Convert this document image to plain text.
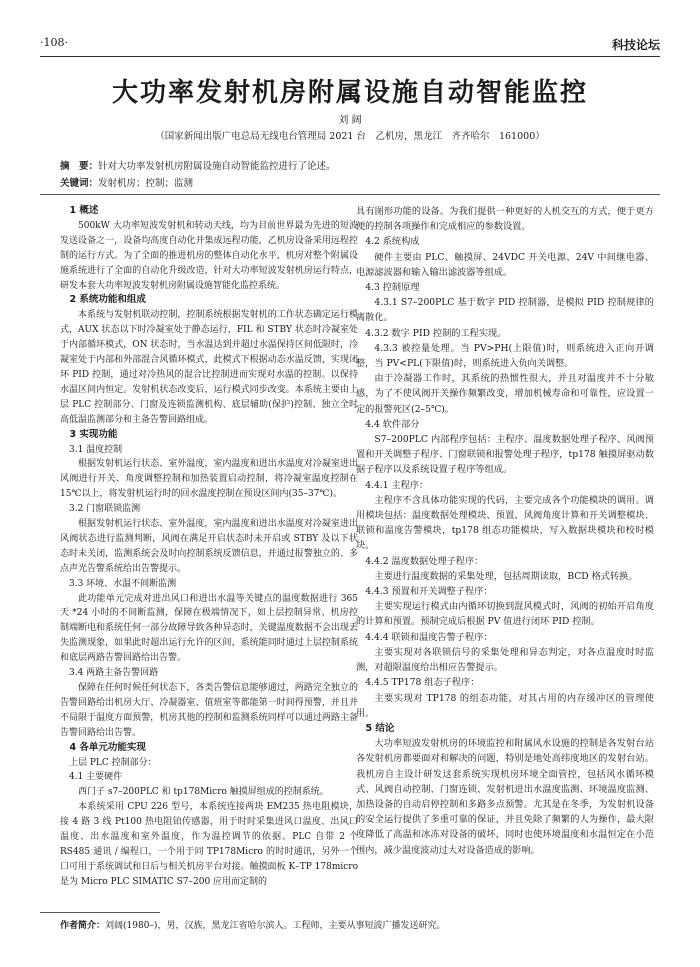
·108·	科技论坛
大功率发射机房附属设施自动智能监控
刘 阔
（国家新闻出版广电总局无线电台管理局 2021 台　乙机房，黑龙江　齐齐哈尔　161000）
摘　要：针对大功率发射机房附属设施自动智能监控进行了论述。
关键词：发射机房；控制；监测

1 概述

500kW 大功率短波发射机和转动天线，均为目前世界最为先进的短波发送设备之一，设备均高度自动化并集成远程功能，乙机房设备采用远程控制的运行方式。为了全面的推进机房的整体自动化水平，机房对整个附属设施系统进行了全面的自动化升级改造，针对大功率短波发射机房运行特点，研发本套大功率短波发射机房附属设施智能化监控系统。

2 系统功能和组成

本系统与发射机联动控制，控制系统根据发射机的工作状态确定运行模式，AUX 状态以下时冷凝室处于静态运行，FIL 和 STBY 状态时冷凝室处于内部循环模式，ON 状态时，当水温达到并超过水温保持区间低限时，冷凝室处于内部和外部混合风循环模式，此模式下根据动态水温反馈，实现闭环 PID 控制，通过对冷热风的混合比控制进而实现对水温的控制。以保持水温区间内恒定。发射机状态改变后，运行模式同步改变。本系统主要由上层 PLC 控制部分、门窗及连锁监测机构、底层辅助(保护)控制、独立全时高低温监测部分和主备告警回路组成。

3 实现功能

3.1 温度控制

根据发射机运行状态、室外温度，室内温度和进出水温度对冷凝室进出风阀进行开关、角度调整控制和加热装置启动控制，将冷凝室温度控制在 15℃以上，将发射机运行时的回水温度控制在预设区间内(35–37℃)。

3.2 门窗联锁监测

根据发射机运行状态、室外温度，室内温度和进出水温度对冷凝室进出风阀状态进行监测判断，风阀在满足开启状态时未开启或 STBY 及以下状态时未关闭，监测系统会及时向控制系统反馈信息，并通过报警独立的、多点声光告警系统给出告警提示。

3.3 环境、水温不间断监测

此功能单元完成对进出风口和进出水温等关键点的温度数据进行 365 天 *24 小时的不间断监测，保障在极端情况下，如上层控制异常、机房控制端断电和系统任何一部分故障导致各种异态时，关键温度数据不会出现丢失监测现象，如果此时超出运行允许的区间，系统能同时通过上层控制系统和底层两路告警回路给出告警。

3.4 两路主备告警回路

保障在任何时候任何状态下，各类告警信息能够通过，两路完全独立的告警回路给出机房大厅、冷凝器室、值班室等都能第一时间得预警，并且并不局限于温度方面预警，机房其他的控制和监测系统同样可以通过两路主备告警回路给出告警。

4 各单元功能实现

上层 PLC 控制部分：

4.1 主要硬件

西门子 s7–200PLC 和 tp178Micro 触摸屏组成的控制系统。

本系统采用 CPU 226 型号，本系统连接两块 EM235 热电阻模块，接 4 路 3 线 Pt100 热电阻铂传感器，用于时时采集进风口温度、出风口温度、出水温度和室外温度，作为温控调节的依据。PLC 自带 2 个 RS485 通讯 / 编程口，一个用于同 TP178Micro 的时时通讯，另外一个口可用于系统调试和日后与相关机房平台对接。触摸面板 K–TP 178micro 是为 Micro PLC SIMATIC S7–200 应用而定制的

具有图形功能的设备。为我们提供一种更好的人机交互的方式，便于更方便的控制各项操作和完成相应的参数设置。

4.2 系统构成

硬件主要由 PLC、触摸屏、24VDC 开关电源、24V 中间继电器、电源滤波器和输入输出滤波器等组成。

4.3 控制原理

4.3.1 S7–200PLC 基于数字 PID 控制器，是模拟 PID 控制规律的离散化。

4.3.2 数字 PID 控制的工程实现。

4.3.3 被控量处理。当 PV>PH(上限值)时，则系统进入正向开调整，当 PV<PL(下限值)时，则系统进入负向关调整。

由于冷凝器工作时，其系统的热惯性很大，并且对温度并不十分敏感，为了不使风阀开关操作频繁改变，增加机械寿命和可靠性，应设置一定的报警死区(2–5℃)。

4.4 软件部分

S7–200PLC 内部程序包括：主程序、温度数据处理子程序、风阀预置和开关调整子程序、门窗联锁和报警处理子程序，tp178 触摸屏驱动数据子程序以及系统设置子程序等组成。

4.4.1 主程序：

主程序不含具体功能实现的代码，主要完成各个功能模块的调用。调用模块包括：温度数据处理模块、预置、风阀角度计算和开关调整模块、联锁和温度告警模块，tp178 组态功能模块，写入数据块模块和校时模块。

4.4.2 温度数据处理子程序：

主要进行温度数据的采集处理，包括周期读取，BCD 格式转换。

4.4.3 预置和开关调整子程序：

主要实现运行模式由内循环切换到混风模式时，风阀的初始开启角度的计算和预置。预制完成后根据 PV 值进行闭环 PID 控制。

4.4.4 联锁和温度告警子程序：

主要实现对各联锁信号的采集处理和异态判定，对各点温度时时监测，对超限温度给出相应告警提示。

4.4.5 TP178 组态子程序：

主要实现对 TP178 的组态功能，对其占用的内存缓冲区的管理使用。

5 结论

大功率短波发射机房的环境监控和附属风水设施的控制是各发射台站各发射机房都要面对和解决的问题，特别是地处高纬度地区的发射台站。 我机房自主设计研发这套系统实现机房环境全面管控，包括风水循环模式、风阀自动控制、门窗连锁、发射机进出水温度监测、环境温度监测、加热设备的自动启停控制和多路多点预警。尤其是在冬季，为发射机设备的安全运行提供了多重可靠的保证，并且免除了频繁的人为操作，最大限度降低了高温和冰冻对设备的破坏，同时也使环境温度和水温恒定在小范围内，减少温度波动过大对设备造成的影响。

作者简介：刘阔(1980–)，男，汉族，黑龙江省哈尔滨人。工程师，主要从事短波广播发送研究。
